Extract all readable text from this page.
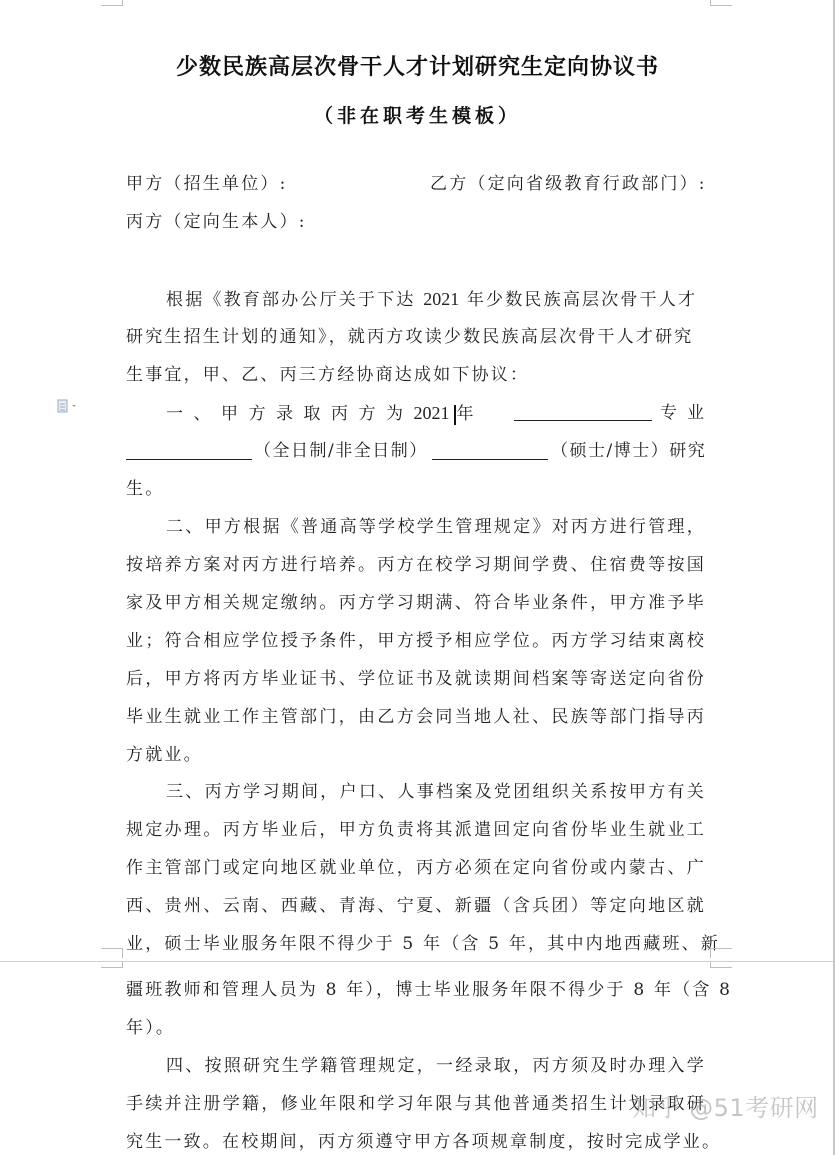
少数民族高层次骨干人才计划研究生定向协议书
（非在职考生模板）
甲方（招生单位）:	乙方（定向省级教育行政部门）:
丙方（定向生本人）:
根据《教育部办公厅关于下达 2021 年少数民族高层次骨干人才
研究生招生计划的通知》，就丙方攻读少数民族高层次骨干人才研究
生事宜，甲、乙、丙三方经协商达成如下协议：
一、甲方录取丙方为2021 年	专业
（全日制/非全日制）	（硕士/博士）研究
生。
二、甲方根据《普通高等学校学生管理规定》对丙方进行管理，
按培养方案对丙方进行培养。丙方在校学习期间学费、住宿费等按国
家及甲方相关规定缴纳。丙方学习期满、符合毕业条件，甲方准予毕
业；符合相应学位授予条件，甲方授予相应学位。丙方学习结束离校
后，甲方将丙方毕业证书、学位证书及就读期间档案等寄送定向省份
毕业生就业工作主管部门，由乙方会同当地人社、民族等部门指导丙
方就业。
三、丙方学习期间，户口、人事档案及党团组织关系按甲方有关
规定办理。丙方毕业后，甲方负责将其派遣回定向省份毕业生就业工
作主管部门或定向地区就业单位，丙方必须在定向省份或内蒙古、广
西、贵州、云南、西藏、青海、宁夏、新疆（含兵团）等定向地区就
业，硕士毕业服务年限不得少于 5 年（含 5 年，其中内地西藏班、新
疆班教师和管理人员为 8 年），博士毕业服务年限不得少于 8 年（含 8
年）。
四、按照研究生学籍管理规定，一经录取，丙方须及时办理入学
手续并注册学籍，修业年限和学习年限与其他普通类招生计划录取研
究生一致。在校期间，丙方须遵守甲方各项规章制度，按时完成学业。
知乎 @51考研网
